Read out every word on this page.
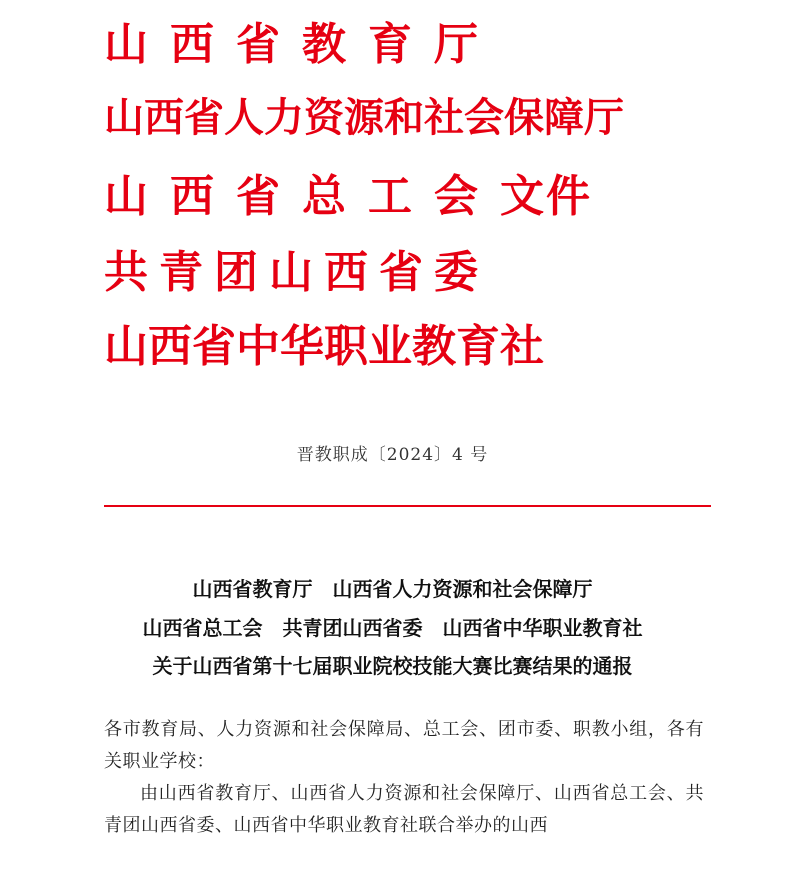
山西省教育厅
山西省人力资源和社会保障厅
山西省总工会文件
共青团山西省委
山西省中华职业教育社
晋教职成〔2024〕4 号
山西省教育厅　山西省人力资源和社会保障厅
山西省总工会　共青团山西省委　山西省中华职业教育社
关于山西省第十七届职业院校技能大赛比赛结果的通报

各市教育局、人力资源和社会保障局、总工会、团市委、职教小组，各有关职业学校：

由山西省教育厅、山西省人力资源和社会保障厅、山西省总工会、共青团山西省委、山西省中华职业教育社联合举办的山西
